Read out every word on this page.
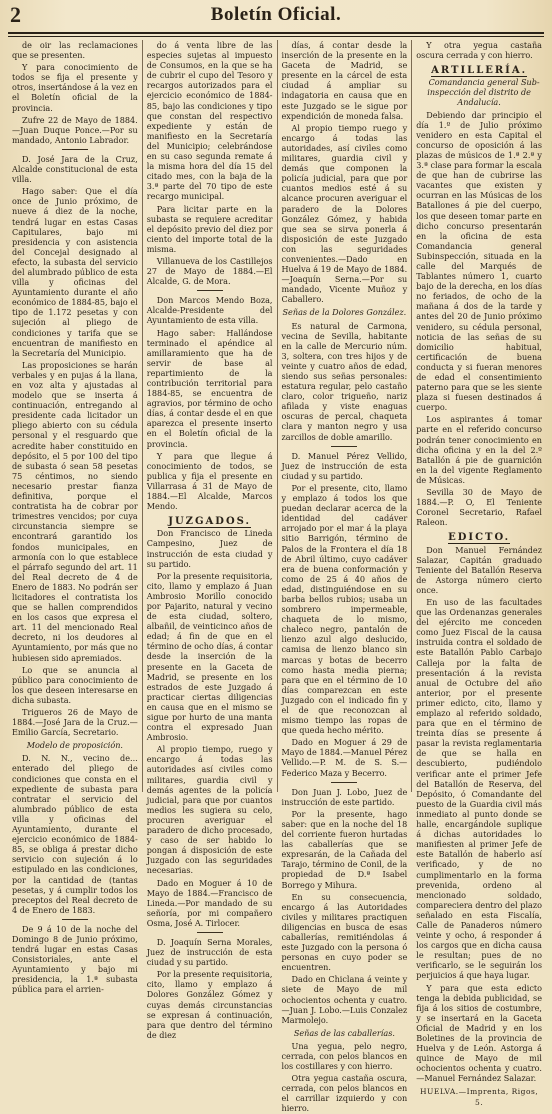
2	Boletín Oficial.

de oir las reclamaciones que se presenten.

Y para conocimiento de todos se fija el presente y otros, insertándose á la vez en el Boletín oficial de la provincia.

Zufre 22 de Mayo de 1884.—Juan Duque Ponce.—Por su mandado, Antonio Labrador.

D. José Jara de la Cruz, Alcalde constitucional de esta villa.

Hago saber: Que el día once de Junio próximo, de nueve á diez de la noche, tendrá lugar en estas Casas Capitulares, bajo mi presidencia y con asistencia del Concejal designado al efecto, la subasta del servicio del alumbrado público de esta villa y oficinas del Ayuntamiento durante el año económico de 1884-85, bajo el tipo de 1.172 pesetas y con sujeción al pliego de condiciones y tarifa que se encuentran de manifiesto en la Secretaría del Municipio.

Las proposiciones se harán verbales y en pujas á la llana, en voz alta y ajustadas al modelo que se inserta á continuación, entregando al presidente cada licitador un pliego abierto con su cédula personal y el resguardo que acredite haber constituido en depósito, el 5 por 100 del tipo de subasta ó sean 58 pesetas 75 céntimos, no siendo necesario prestar fianza definitiva, porque el contratista ha de cobrar por trimestres vencidos; por cuya circunstancia siempre se encontrará garantido los fondos municipales, en armonía con lo que establece el párrafo segundo del art. 11 del Real decreto de 4 de Enero de 1883. No podrán ser licitadores el contratista los que se hallen comprendidos en los casos que expresa el art. 11 del mencionado Real decreto, ni los deudores al Ayuntamiento, por más que no hubiesen sido apremiados.

Lo que se anuncia al público para conocimiento de los que deseen interesarse en dicha subasta.

Trigueros 26 de Mayo de 1884.—José Jara de la Cruz.—Emilio García, Secretario.

Modelo de proposición.

D. N. N., vecino de... enterado del pliego de condiciones que consta en el expediente de subasta para contratar el servicio del alumbrado público de esta villa y oficinas del Ayuntamiento, durante el ejercicio económico de 1884-85, se obliga á prestar dicho servicio con sujeción á lo estipulado en las condiciones, por la cantidad de (tantas pesetas, y á cumplir todos los preceptos del Real decreto de 4 de Enero de 1883.

De 9 á 10 de la noche del Domingo 8 de Junio próximo, tendrá lugar en estas Casas Consistoriales, ante el Ayuntamiento y bajo mi presidencia, la 1.ª subasta pública para el arrien-

do á venta libre de las especies sujetas al impuesto de Consumos, en la que se ha de cubrir el cupo del Tesoro y recargos autorizados para el ejercicio económico de 1884-85, bajo las condiciones y tipo que constan del respectivo expediente y están de manifiesto en la Secretaría del Municipio; celebrándose en su caso segunda remate á la misma hora del día 15 del citado mes, con la baja de la 3.ª parte del 70 tipo de este recargo municipal.

Para licitar parte en la subasta se requiere acreditar el depósito previo del diez por ciento del importe total de la misma.

Villanueva de los Castillejos 27 de Mayo de 1884.—El Alcalde, G. de Mora.

Don Marcos Mendo Boza, Alcalde-Presidente del Ayuntamiento de esta villa.

Hago saber: Hallándose terminado el apéndice al amillaramiento que ha de servir de base al repartimiento de la contribución territorial para 1884-85, se encuentra de agravios, por término de ocho días, á contar desde el en que aparezca el presente inserto en el Boletín oficial de la provincia.

Y para que llegue á conocimiento de todos, se publica y fija el presente en Villarrasa á 31 de Mayo de 1884.—El Alcalde, Marcos Mendo.

JUZGADOS.

Don Francisco de Lineda Campesino, Juez de instrucción de esta ciudad y su partido.

Por la presente requisitoria, cito, llamo y emplazo á Juan Ambrosio Morillo conocido por Pajarito, natural y vecino de esta ciudad, soltero, albañil, de veinticinco años de edad; á fin de que en el término de ocho días, á contar desde la inserción de la presente en la Gaceta de Madrid, se presente en los estrados de este Juzgado á practicar ciertas diligencias en causa que en el mismo se sigue por hurto de una manta contra el expresado Juan Ambrosio.

Al propio tiempo, ruego y encargo á todas las autoridades así civiles como militares, guardia civil y demás agentes de la policía judicial, para que por cuantos medios les sugiera su celo, procuren averiguar el paradero de dicho procesado, y caso de ser habido lo pongan á disposición de este Juzgado con las seguridades necesarias.

Dado en Moguer á 10 de Mayo de 1884.—Francisco de Lineda.—Por mandado de su señoría, por mi compañero Osma, José A. Tirlocer.

D. Joaquín Serna Morales, Juez de instrucción de esta ciudad y su partido.

Por la presente requisitoria, cito, llamo y emplazo á Dolores González Gómez y cuyas demás circunstancias se expresan á continuación, para que dentro del término de diez

días, á contar desde la inserción de la presente en la Gaceta de Madrid, se presente en la cárcel de esta ciudad á ampliar su indagatoria en causa que en este Juzgado se le sigue por expendición de moneda falsa.

Al propio tiempo ruego y encargo á todas las autoridades, así civiles como militares, guardia civil y demás que componen la policía judicial, para que por cuantos medios esté á su alcance procuren averiguar el paradero de la Dolores González Gómez, y habida que sea se sirva ponerla á disposición de este Juzgado con las seguridades convenientes.—Dado en Huelva á 19 de Mayo de 1884.—Joaquín Serna.—Por su mandado, Vicente Muñoz y Caballero.

Señas de la Dolores González.

Es natural de Carmona, vecina de Sevilla, habitante en la calle de Mercurio núm. 3, soltera, con tres hijos y de veinte y cuatro años de edad, siendo sus señas personales: estatura regular, pelo castaño claro, color trigueño, nariz afilada y viste enaguas oscuras de percal, chaqueta clara y manton negro y usa zarcillos de doble amarillo.

D. Manuel Pérez Vellido, Juez de instrucción de esta ciudad y su partido.

Por el presente, cito, llamo y emplazo á todos los que puedan declarar acerca de la identidad del cadáver arrojado por el mar á la playa sitio Barrigón, término de Palos de la Frontera el día 18 de Abril último, cuyo cadáver era de buena conformación y como de 25 á 40 años de edad, distinguiéndose en su barba bellos rubios; usaba un sombrero impermeable, chaqueta de lo mismo, chaleco negro, pantalón de lienzo azul algo deslucido, camisa de lienzo blanco sin marcas y botas de becerro como hasta media pierna; para que en el término de 10 días comparezcan en este Juzgado con el indicado fin y el de que reconozcan al mismo tiempo las ropas de que queda hecho mérito.

Dado en Moguer á 29 de Mayo de 1884.—Manuel Pérez Vellido.—P. M. de S. S.—Federico Maza y Becerro.

Don Juan J. Lobo, Juez de instrucción de este partido.

Por la presente, hago saber: que en la noche del 18 del corriente fueron hurtadas las caballerías que se expresarán, de la Cañada del Tarajo, término de Conil, de la propiedad de D.ª Isabel Borrego y Mihura.

En su consecuencia, encargo á las Autoridades civiles y militares practiquen diligencias en busca de esas caballerías, remitiéndolas á este Juzgado con la persona ó personas en cuyo poder se encuentren.

Dado en Chiclana á veinte y siete de Mayo de mil ochocientos ochenta y cuatro.—Juan J. Lobo.—Luis Conzalez Marmolejo.

Señas de las caballerías.

Una yegua, pelo negro, cerrada, con pelos blancos en los costillares y con hierro.

Otra yegua castaña oscura, cerrada, con pelos blancos en el carrillar izquierdo y con hierro.

Y otra yegua castaña oscura cerrada y con hierro.

ARTILLERÍA.

Comandancia general Sub-inspección del distrito de Andalucía.

Debiendo dar principio el día 1.º de Julio próximo venidero en esta Capital el concurso de oposición á las plazas de músicos de 1.ª 2.ª y 3.ª clase para formar la escala de que han de cubrirse las vacantes que existen y ocurran en las Músicas de los Batallones á pie del cuerpo, los que deseen tomar parte en dicho concurso presentarán en la oficina de esta Comandancia general Subinspección, situada en la calle del Marqués de Tablantes número 1, cuarto bajo de la derecha, en los días no feriados, de ocho de la mañana á dos de la tarde y antes del 20 de Junio próximo venidero, su cédula personal, noticia de las señas de su domicilio habitual, certificación de buena conducta y si fueran menores de edad el consentimiento paterno para que se les siente plaza si fuesen destinados á cuerpo.

Los aspirantes á tomar parte en el referido concurso podrán tener conocimiento en dicha oficina y en la del 2.º Batallón á pie de guarnición en la del vigente Reglamento de Músicas.

Sevilla 30 de Mayo de 1884.—P. O, El Teniente Coronel Secretario, Rafael Raleon.

EDICTO.

Don Manuel Fernández Salazar, Capitán graduado Teniente del Batallón Reserva de Astorga número cierto once.

En uso de las facultades que las Ordenanzas generales del ejército me conceden como Juez Fiscal de la causa instruida contra el soldado de este Batallón Pablo Carbajo Calleja por la falta de presentación á la revista anual de Octubre del año anterior, por el presente primer edicto, cito, llamo y emplazo al referido soldado, para que en el término de treinta días se presente á pasar la revista reglamentaria de que se halla en descubierto, pudiéndolo verificar ante el primer Jefe del Batallón de Reserva, del Depósito, ó Comandante del puesto de la Guardia civil más inmediato al punto donde se halle, encargándole suplique á dichas autoridades lo manifiesten al primer Jefe de este Batallón de haberlo así verificado, y de no cumplimentarlo en la forma prevenida, ordeno al mencionado soldado, compareciera dentro del plazo señalado en esta Fiscalía, Calle de Panaderos número veinte y ocho, á responder á los cargos que en dicha causa le resultan; pues de no verificarlo, se le seguirán los perjuicios á que haya lugar.

Y para que esta edicto tenga la debida publicidad, se fija á los sitios de costumbre, y se insertará en la Gaceta Oficial de Madrid y en los Boletines de la provincia de Huelva y de León. Astorga á quince de Mayo de mil ochocientos ochenta y cuatro.—Manuel Fernández Salazar.

HUELVA.—Imprenta, Rigos, 5.
